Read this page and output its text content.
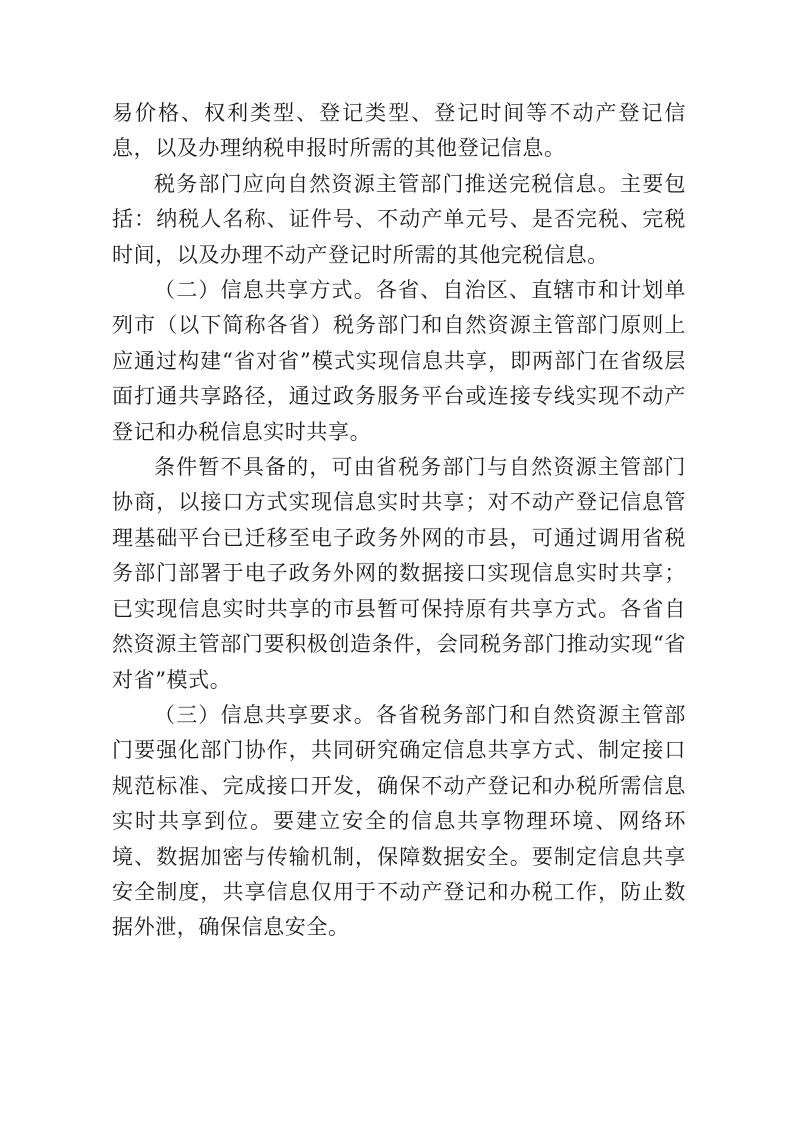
易价格、权利类型、登记类型、登记时间等不动产登记信息，以及办理纳税申报时所需的其他登记信息。

税务部门应向自然资源主管部门推送完税信息。主要包括：纳税人名称、证件号、不动产单元号、是否完税、完税时间，以及办理不动产登记时所需的其他完税信息。

（二）信息共享方式。各省、自治区、直辖市和计划单列市（以下简称各省）税务部门和自然资源主管部门原则上应通过构建“省对省”模式实现信息共享，即两部门在省级层面打通共享路径，通过政务服务平台或连接专线实现不动产登记和办税信息实时共享。

条件暂不具备的，可由省税务部门与自然资源主管部门协商，以接口方式实现信息实时共享；对不动产登记信息管理基础平台已迁移至电子政务外网的市县，可通过调用省税务部门部署于电子政务外网的数据接口实现信息实时共享；已实现信息实时共享的市县暂可保持原有共享方式。各省自然资源主管部门要积极创造条件，会同税务部门推动实现“省对省”模式。

（三）信息共享要求。各省税务部门和自然资源主管部门要强化部门协作，共同研究确定信息共享方式、制定接口规范标准、完成接口开发，确保不动产登记和办税所需信息实时共享到位。要建立安全的信息共享物理环境、网络环境、数据加密与传输机制，保障数据安全。要制定信息共享安全制度，共享信息仅用于不动产登记和办税工作，防止数据外泄，确保信息安全。
